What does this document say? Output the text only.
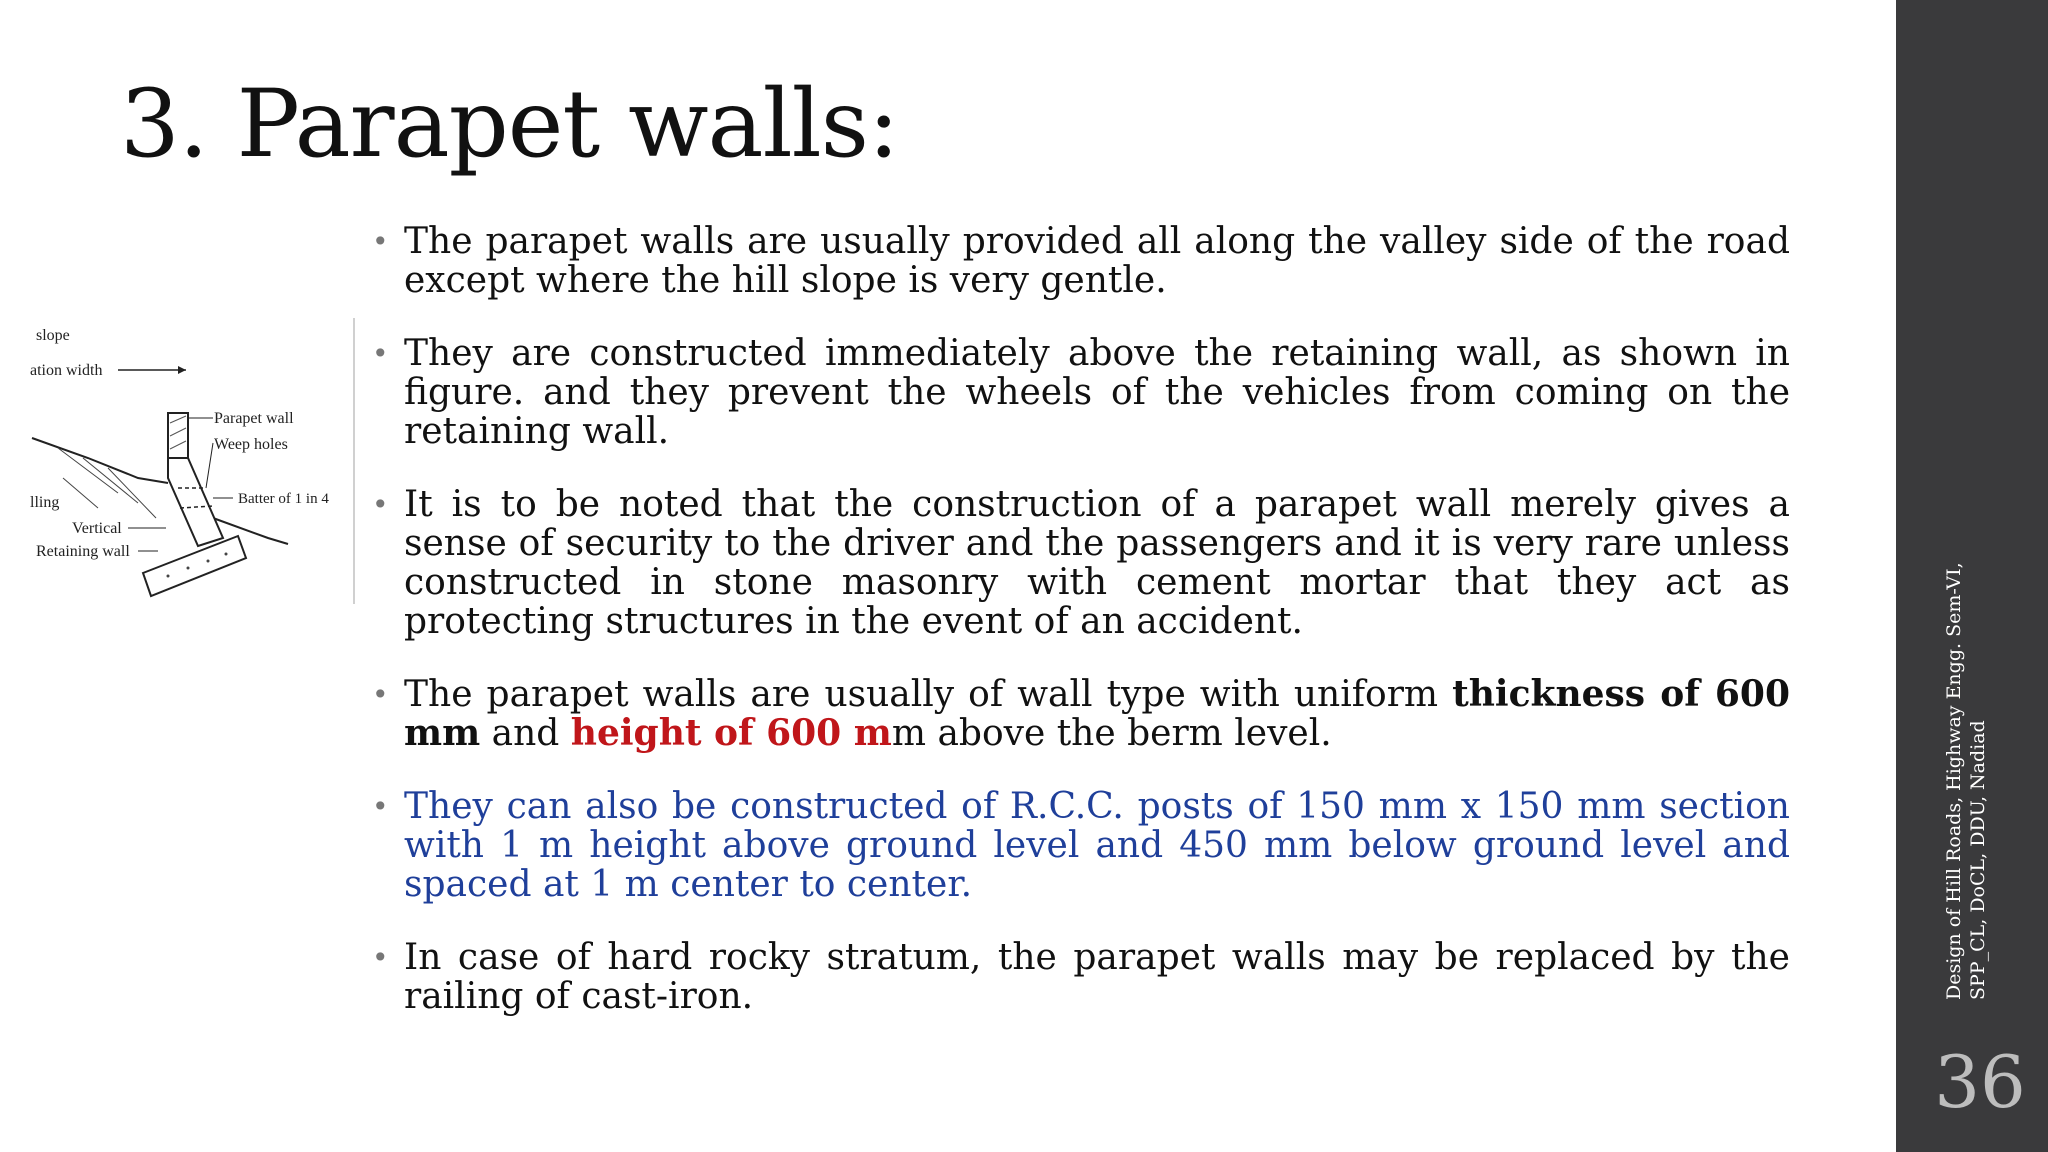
3. Parapet walls:
slope
ation width
Parapet wall
Weep holes
Batter of 1 in 4
lling
Vertical
Retaining wall
• The parapet walls are usually provided all along the valley side of the road except where the hill slope is very gentle.
• They are constructed immediately above the retaining wall, as shown in figure. and they prevent the wheels of the vehicles from coming on the retaining wall.
• It is to be noted that the construction of a parapet wall merely gives a sense of security to the driver and the passengers and it is very rare unless constructed in stone masonry with cement mortar that they act as protecting structures in the event of an accident.
• The parapet walls are usually of wall type with uniform thickness of 600 mm and height of 600 mm above the berm level.
• They can also be constructed of R.C.C. posts of 150 mm x 150 mm section with 1 m height above ground level and 450 mm below ground level and spaced at 1 m center to center.
• In case of hard rocky stratum, the parapet walls may be replaced by the railing of cast-iron.	Design of Hill Roads, Highway Engg. Sem-VI, SPP_CL, DoCL, DDU, Nadiad
36
